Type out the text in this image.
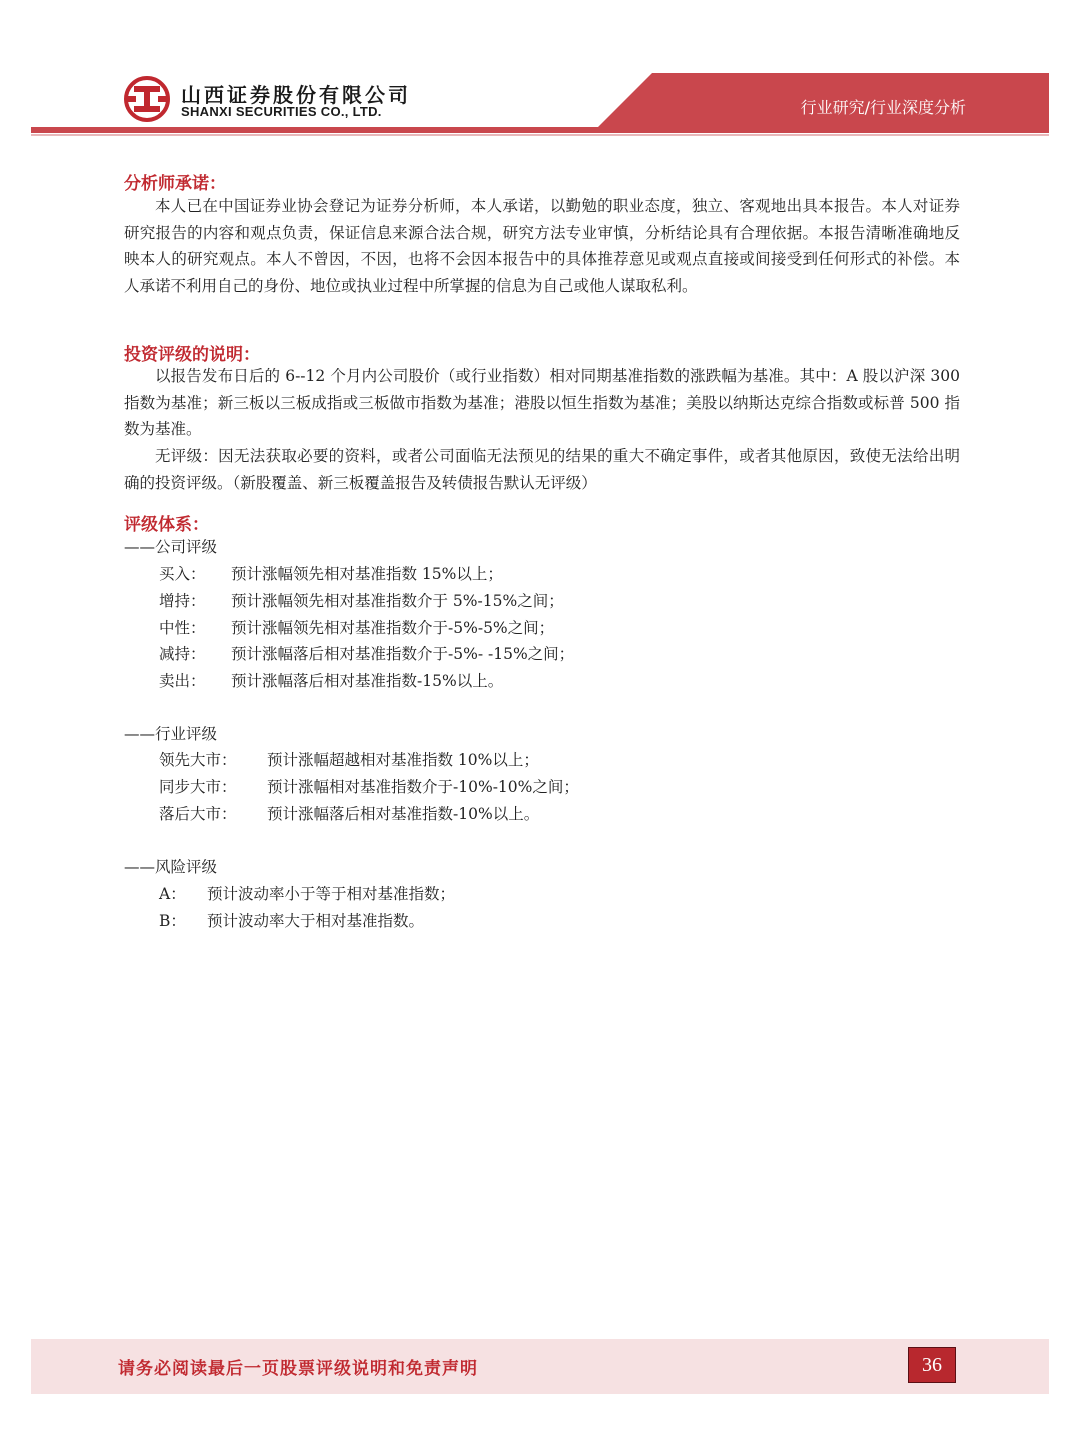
山西证券股份有限公司
SHANXI SECURITIES CO., LTD.	行业研究/行业深度分析
分析师承诺：

本人已在中国证券业协会登记为证券分析师，本人承诺，以勤勉的职业态度，独立、客观地出具本报告。本人对证券研究报告的内容和观点负责，保证信息来源合法合规，研究方法专业审慎，分析结论具有合理依据。本报告清晰准确地反映本人的研究观点。本人不曾因，不因，也将不会因本报告中的具体推荐意见或观点直接或间接受到任何形式的补偿。本人承诺不利用自己的身份、地位或执业过程中所掌握的信息为自己或他人谋取私利。

投资评级的说明：

以报告发布日后的 6--12 个月内公司股价（或行业指数）相对同期基准指数的涨跌幅为基准。其中：A 股以沪深 300 指数为基准；新三板以三板成指或三板做市指数为基准；港股以恒生指数为基准；美股以纳斯达克综合指数或标普 500 指数为基准。

无评级：因无法获取必要的资料，或者公司面临无法预见的结果的重大不确定事件，或者其他原因，致使无法给出明确的投资评级。（新股覆盖、新三板覆盖报告及转债报告默认无评级）

评级体系：
——公司评级
买入： 预计涨幅领先相对基准指数 15%以上；
增持： 预计涨幅领先相对基准指数介于 5%-15%之间；
中性： 预计涨幅领先相对基准指数介于-5%-5%之间；
减持： 预计涨幅落后相对基准指数介于-5%- -15%之间；
卖出： 预计涨幅落后相对基准指数-15%以上。
——行业评级
领先大市： 预计涨幅超越相对基准指数 10%以上；
同步大市： 预计涨幅相对基准指数介于-10%-10%之间；
落后大市： 预计涨幅落后相对基准指数-10%以上。
——风险评级
A： 预计波动率小于等于相对基准指数；
B： 预计波动率大于相对基准指数。
请务必阅读最后一页股票评级说明和免责声明	36
